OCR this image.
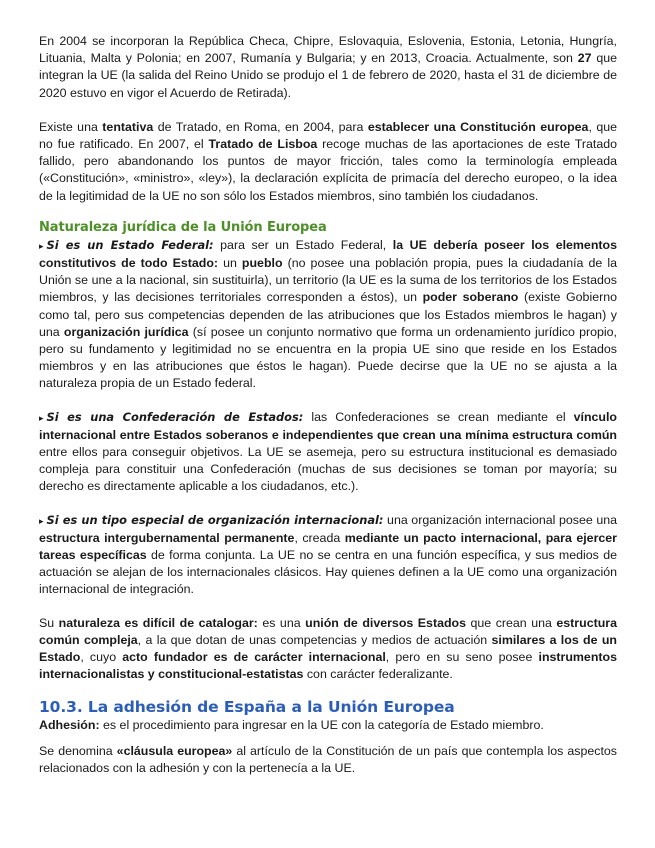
En 2004 se incorporan la República Checa, Chipre, Eslovaquia, Eslovenia, Estonia, Letonia, Hungría, Lituania, Malta y Polonia; en 2007, Rumanía y Bulgaria; y en 2013, Croacia. Actualmente, son 27 que integran la UE (la salida del Reino Unido se produjo el 1 de febrero de 2020, hasta el 31 de diciembre de 2020 estuvo en vigor el Acuerdo de Retirada).

Existe una tentativa de Tratado, en Roma, en 2004, para establecer una Constitución europea, que no fue ratificado. En 2007, el Tratado de Lisboa recoge muchas de las aportaciones de este Tratado fallido, pero abandonando los puntos de mayor fricción, tales como la terminología empleada («Constitución», «ministro», «ley»), la declaración explícita de primacía del derecho europeo, o la idea de la legitimidad de la UE no son sólo los Estados miembros, sino también los ciudadanos.

Naturaleza jurídica de la Unión Europea

▸ Si es un Estado Federal: para ser un Estado Federal, la UE debería poseer los elementos constitutivos de todo Estado: un pueblo (no posee una población propia, pues la ciudadanía de la Unión se une a la nacional, sin sustituirla), un territorio (la UE es la suma de los territorios de los Estados miembros, y las decisiones territoriales corresponden a éstos), un poder soberano (existe Gobierno como tal, pero sus competencias dependen de las atribuciones que los Estados miembros le hagan) y una organización jurídica (sí posee un conjunto normativo que forma un ordenamiento jurídico propio, pero su fundamento y legitimidad no se encuentra en la propia UE sino que reside en los Estados miembros y en las atribuciones que éstos le hagan). Puede decirse que la UE no se ajusta a la naturaleza propia de un Estado federal.

▸ Si es una Confederación de Estados: las Confederaciones se crean mediante el vínculo internacional entre Estados soberanos e independientes que crean una mínima estructura común entre ellos para conseguir objetivos. La UE se asemeja, pero su estructura institucional es demasiado compleja para constituir una Confederación (muchas de sus decisiones se toman por mayoría; su derecho es directamente aplicable a los ciudadanos, etc.).

▸ Si es un tipo especial de organización internacional: una organización internacional posee una estructura intergubernamental permanente, creada mediante un pacto internacional, para ejercer tareas específicas de forma conjunta. La UE no se centra en una función específica, y sus medios de actuación se alejan de los internacionales clásicos. Hay quienes definen a la UE como una organización internacional de integración.

Su naturaleza es difícil de catalogar: es una unión de diversos Estados que crean una estructura común compleja, a la que dotan de unas competencias y medios de actuación similares a los de un Estado, cuyo acto fundador es de carácter internacional, pero en su seno posee instrumentos internacionalistas y constitucional-estatistas con carácter federalizante.

10.3. La adhesión de España a la Unión Europea

Adhesión: es el procedimiento para ingresar en la UE con la categoría de Estado miembro.

Se denomina «cláusula europea» al artículo de la Constitución de un país que contempla los aspectos relacionados con la adhesión y con la pertenecía a la UE.
